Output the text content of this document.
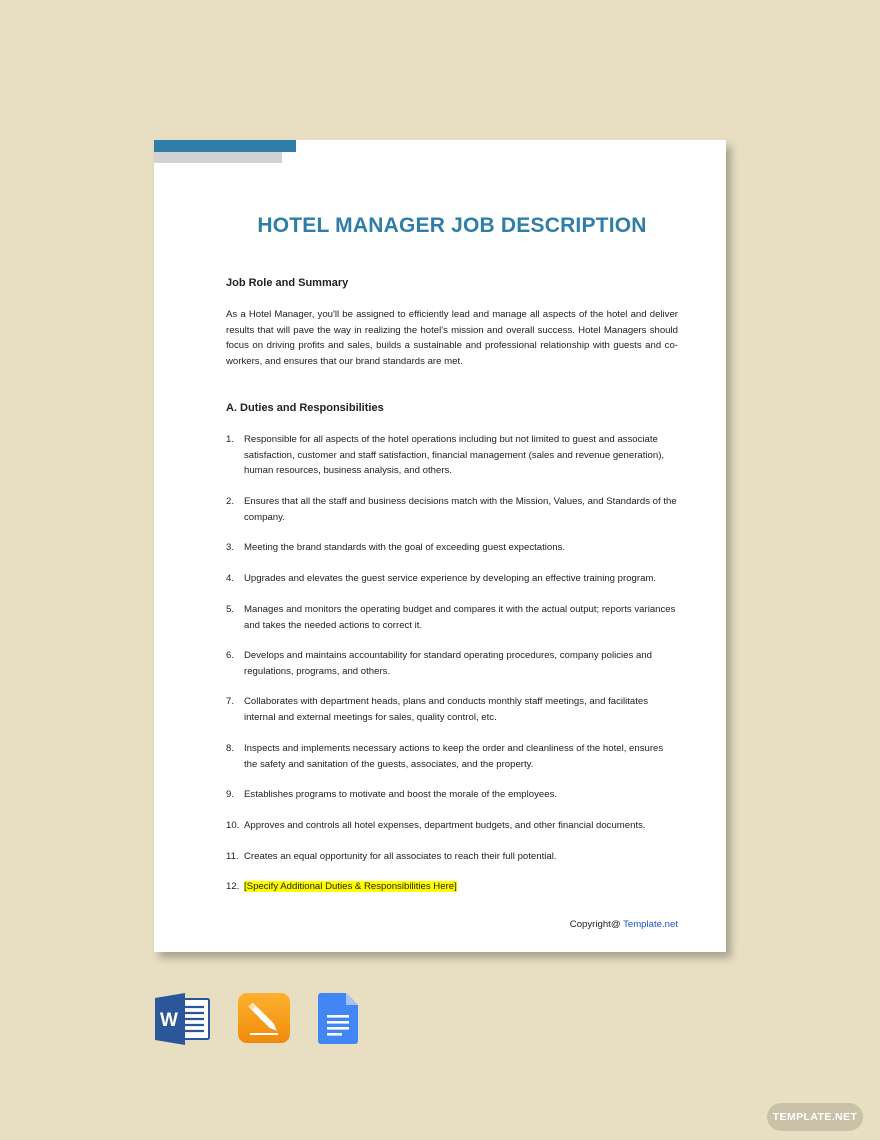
HOTEL MANAGER JOB DESCRIPTION
Job Role and Summary
As a Hotel Manager, you'll be assigned to efficiently lead and manage all aspects of the hotel and deliver results that will pave the way in realizing the hotel's mission and overall success. Hotel Managers should focus on driving profits and sales, builds a sustainable and professional relationship with guests and co-workers, and ensures that our brand standards are met.
A. Duties and Responsibilities
1. Responsible for all aspects of the hotel operations including but not limited to guest and associate satisfaction, customer and staff satisfaction, financial management (sales and revenue generation), human resources, business analysis, and others.
2. Ensures that all the staff and business decisions match with the Mission, Values, and Standards of the company.
3. Meeting the brand standards with the goal of exceeding guest expectations.
4. Upgrades and elevates the guest service experience by developing an effective training program.
5. Manages and monitors the operating budget and compares it with the actual output; reports variances and takes the needed actions to correct it.
6. Develops and maintains accountability for standard operating procedures, company policies and regulations, programs, and others.
7. Collaborates with department heads, plans and conducts monthly staff meetings, and facilitates internal and external meetings for sales, quality control, etc.
8. Inspects and implements necessary actions to keep the order and cleanliness of the hotel, ensures the safety and sanitation of the guests, associates, and the property.
9. Establishes programs to motivate and boost the morale of the employees.
10. Approves and controls all hotel expenses, department budgets, and other financial documents.
11. Creates an equal opportunity for all associates to reach their full potential.
12. [Specify Additional Duties & Responsibilities Here]
Copyright@ Template.net
W
TEMPLATE.NET
